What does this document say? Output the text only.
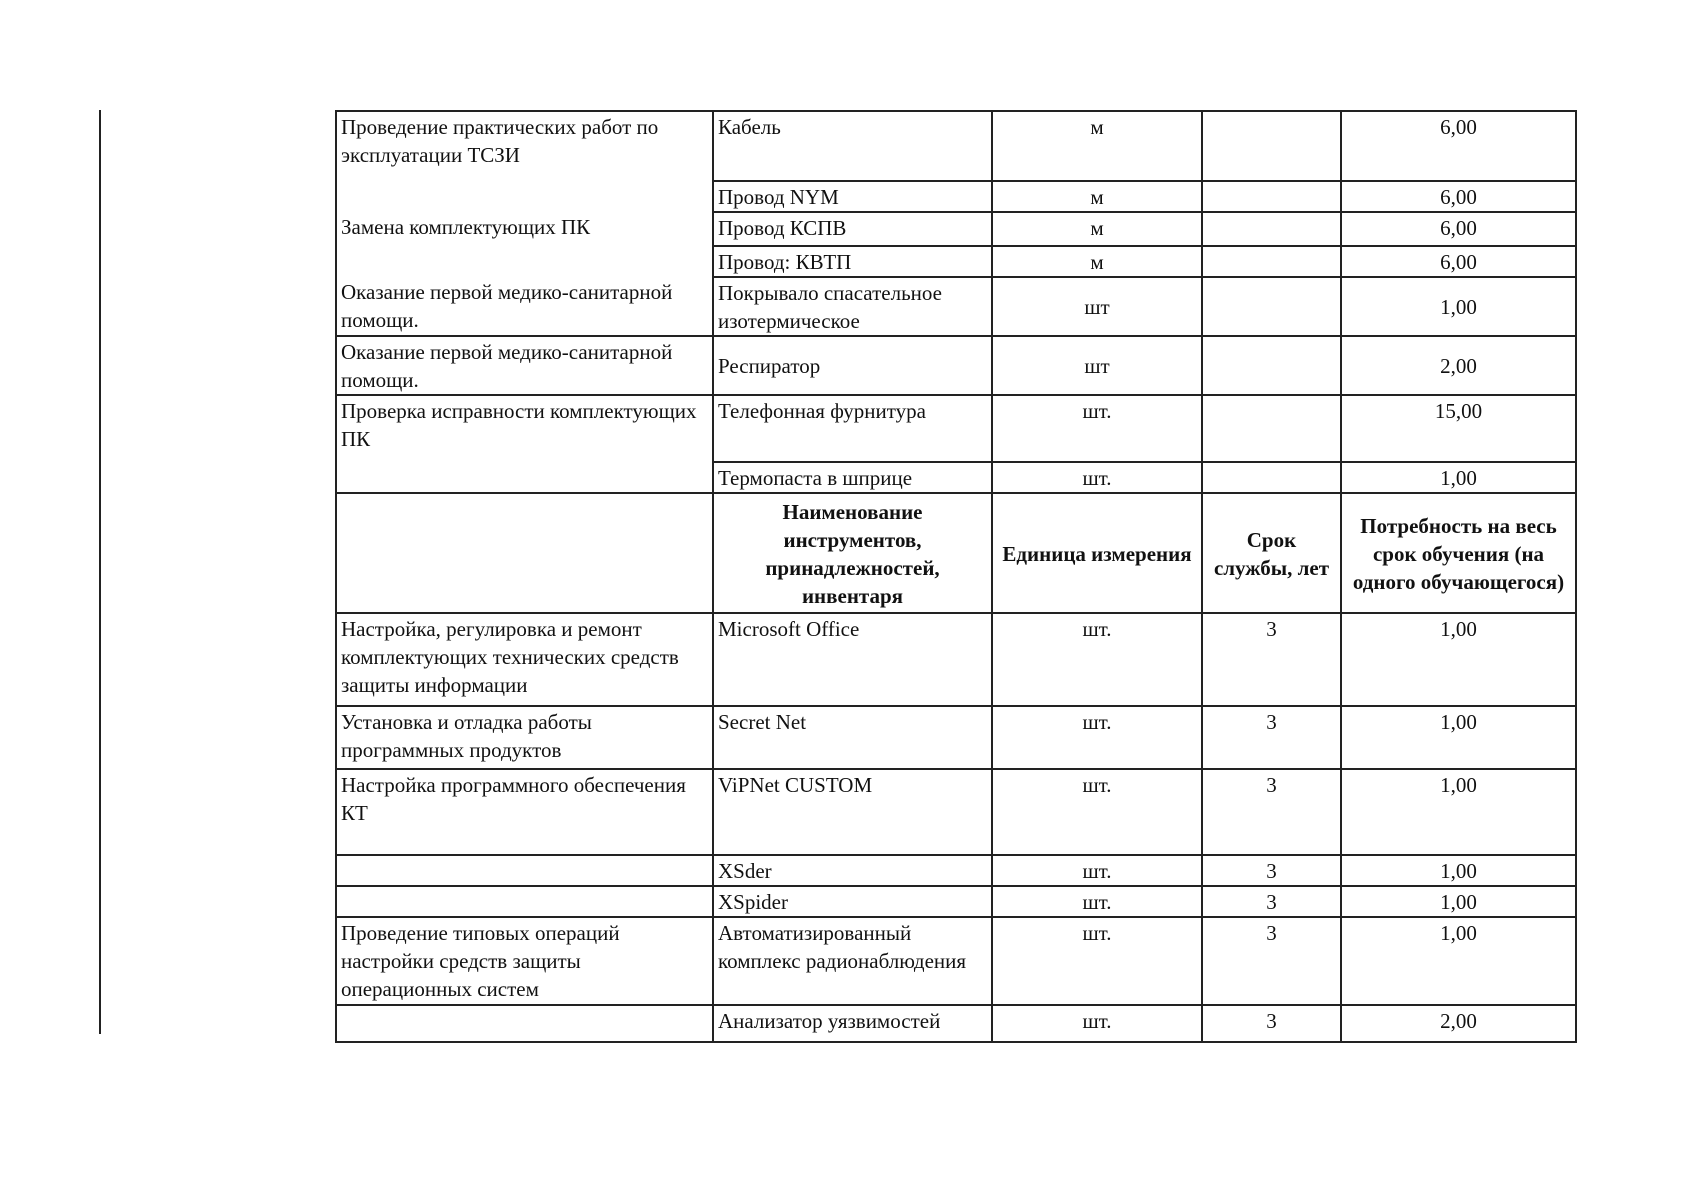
Проведение практических работ по эксплуатации ТСЗИ	Кабель	м		6,00
	Провод NYM	м		6,00
Замена комплектующих ПК	Провод КСПВ	м		6,00
	Провод: КВТП	м		6,00
Оказание первой медико-санитарной помощи.	Покрывало спасательное изотермическое	шт		1,00
Оказание первой медико-санитарной помощи.	Респиратор	шт		2,00
Проверка исправности комплектующих ПК	Телефонная фурнитура	шт.		15,00
	Термопаста в шприце	шт.		1,00
	Наименование инструментов, принадлежностей, инвентаря	Единица измерения	Срок службы, лет	Потребность на весь срок обучения (на одного обучающегося)
Настройка, регулировка и ремонт комплектующих технических средств защиты информации	Microsoft Office	шт.	3	1,00
Установка и отладка работы программных продуктов	Secret Net	шт.	3	1,00
Настройка программного обеспечения КТ	ViPNet CUSTOM	шт.	3	1,00
	XSder	шт.	3	1,00
	XSpider	шт.	3	1,00
Проведение типовых операций настройки средств защиты операционных систем	Автоматизированный комплекс радионаблюдения	шт.	3	1,00
	Анализатор уязвимостей	шт.	3	2,00
